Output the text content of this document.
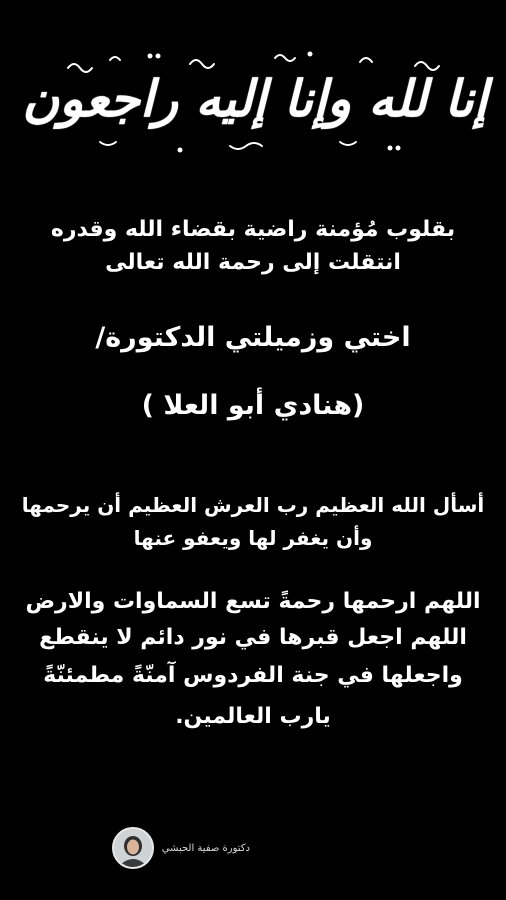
إنا لله وإنا إليه راجعون
بقلوب مُؤمنة راضية بقضاء الله وقدره
انتقلت إلى رحمة الله تعالى
اختي وزميلتي الدكتورة/
(هنادي أبو العلا )
أسأل الله العظيم رب العرش العظيم أن يرحمها
وأن يغفر لها ويعفو عنها
اللهم ارحمها رحمةً تسع السماوات والارض
اللهم اجعل قبرها في نور دائم لا ينقطع
واجعلها في جنة الفردوس آمنّةً مطمئنّةً
يارب العالمين.
دكتورة صفية الحبشي
